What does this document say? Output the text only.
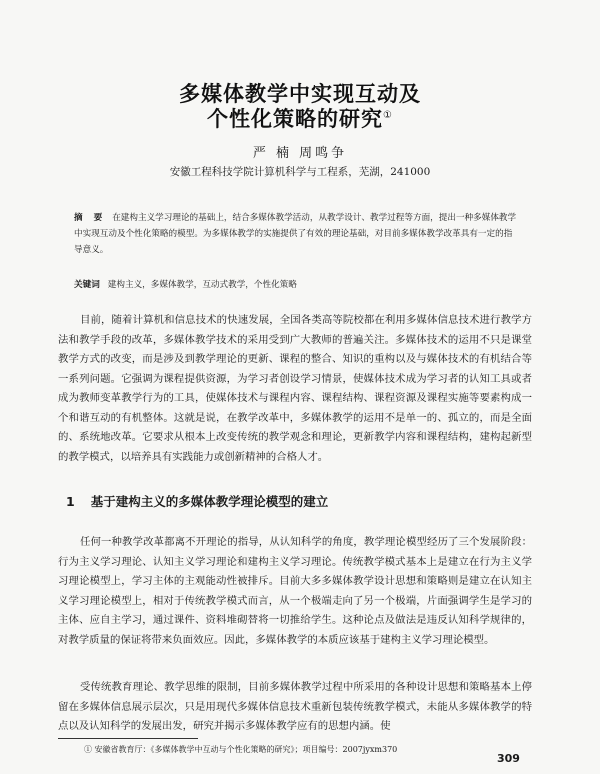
多媒体教学中实现互动及
个性化策略的研究①
严 楠 周鸣争
安徽工程科技学院计算机科学与工程系，芜湖，241000
摘 要 在建构主义学习理论的基础上，结合多媒体教学活动，从教学设计、教学过程等方面，提出一种多媒体教学中实现互动及个性化策略的模型。为多媒体教学的实施提供了有效的理论基础，对目前多媒体教学改革具有一定的指导意义。
关键词 建构主义，多媒体教学，互动式教学，个性化策略
目前，随着计算机和信息技术的快速发展，全国各类高等院校都在利用多媒体信息技术进行教学方法和教学手段的改革，多媒体教学技术的采用受到广大教师的普遍关注。多媒体技术的运用不只是课堂教学方式的改变，而是涉及到教学理论的更新、课程的整合、知识的重构以及与媒体技术的有机结合等一系列问题。它强调为课程提供资源，为学习者创设学习情景，使媒体技术成为学习者的认知工具或者成为教师变革教学行为的工具，使媒体技术与课程内容、课程结构、课程资源及课程实施等要素构成一个和谐互动的有机整体。这就是说，在教学改革中，多媒体教学的运用不是单一的、孤立的，而是全面的、系统地改革。它要求从根本上改变传统的教学观念和理论，更新教学内容和课程结构，建构起新型的教学模式，以培养具有实践能力或创新精神的合格人才。
1 基于建构主义的多媒体教学理论模型的建立
任何一种教学改革都离不开理论的指导，从认知科学的角度，教学理论模型经历了三个发展阶段：行为主义学习理论、认知主义学习理论和建构主义学习理论。传统教学模式基本上是建立在行为主义学习理论模型上，学习主体的主观能动性被排斥。目前大多多媒体教学设计思想和策略则是建立在认知主义学习理论模型上，相对于传统教学模式而言，从一个极端走向了另一个极端，片面强调学生是学习的主体、应自主学习，通过课件、资料堆砌替将一切推给学生。这种论点及做法是违反认知科学规律的，对教学质量的保证将带来负面效应。因此，多媒体教学的本质应该基于建构主义学习理论模型。
受传统教育理论、教学思维的限制，目前多媒体教学过程中所采用的各种设计思想和策略基本上停留在多媒体信息展示层次，只是用现代多媒体信息技术重新包装传统教学模式，未能从多媒体教学的特点以及认知科学的发展出发，研究并揭示多媒体教学应有的思想内涵。使
① 安徽省教育厅：《多媒体教学中互动与个性化策略的研究》；项目编号：2007jyxm370
309
